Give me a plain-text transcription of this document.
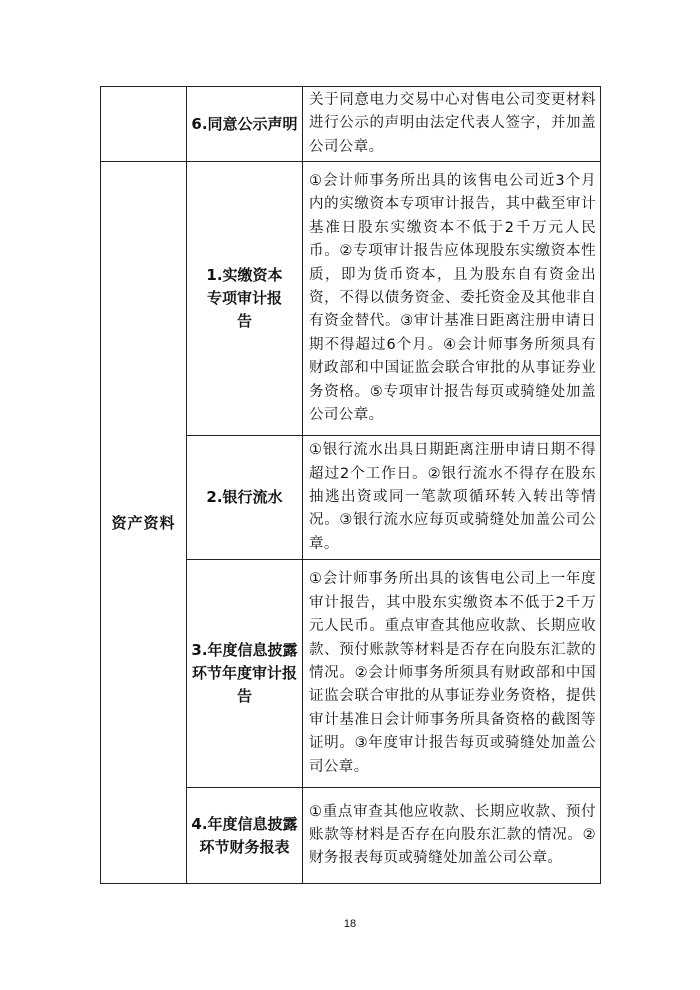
	6.同意公示声明	关于同意电力交易中心对售电公司变更材料进行公示的声明由法定代表人签字，并加盖公司公章。
资产资料	1.实缴资本专项审计报告	①会计师事务所出具的该售电公司近3个月内的实缴资本专项审计报告，其中截至审计基准日股东实缴资本不低于2千万元人民币。②专项审计报告应体现股东实缴资本性质，即为货币资本，且为股东自有资金出资，不得以债务资金、委托资金及其他非自有资金替代。③审计基准日距离注册申请日期不得超过6个月。④会计师事务所须具有财政部和中国证监会联合审批的从事证券业务资格。⑤专项审计报告每页或骑缝处加盖公司公章。
	2.银行流水	①银行流水出具日期距离注册申请日期不得超过2个工作日。②银行流水不得存在股东抽逃出资或同一笔款项循环转入转出等情况。③银行流水应每页或骑缝处加盖公司公章。
	3.年度信息披露环节年度审计报告	①会计师事务所出具的该售电公司上一年度审计报告，其中股东实缴资本不低于2千万元人民币。重点审查其他应收款、长期应收款、预付账款等材料是否存在向股东汇款的情况。②会计师事务所须具有财政部和中国证监会联合审批的从事证券业务资格，提供审计基准日会计师事务所具备资格的截图等证明。③年度审计报告每页或骑缝处加盖公司公章。
	4.年度信息披露环节财务报表	①重点审查其他应收款、长期应收款、预付账款等材料是否存在向股东汇款的情况。②财务报表每页或骑缝处加盖公司公章。
18
